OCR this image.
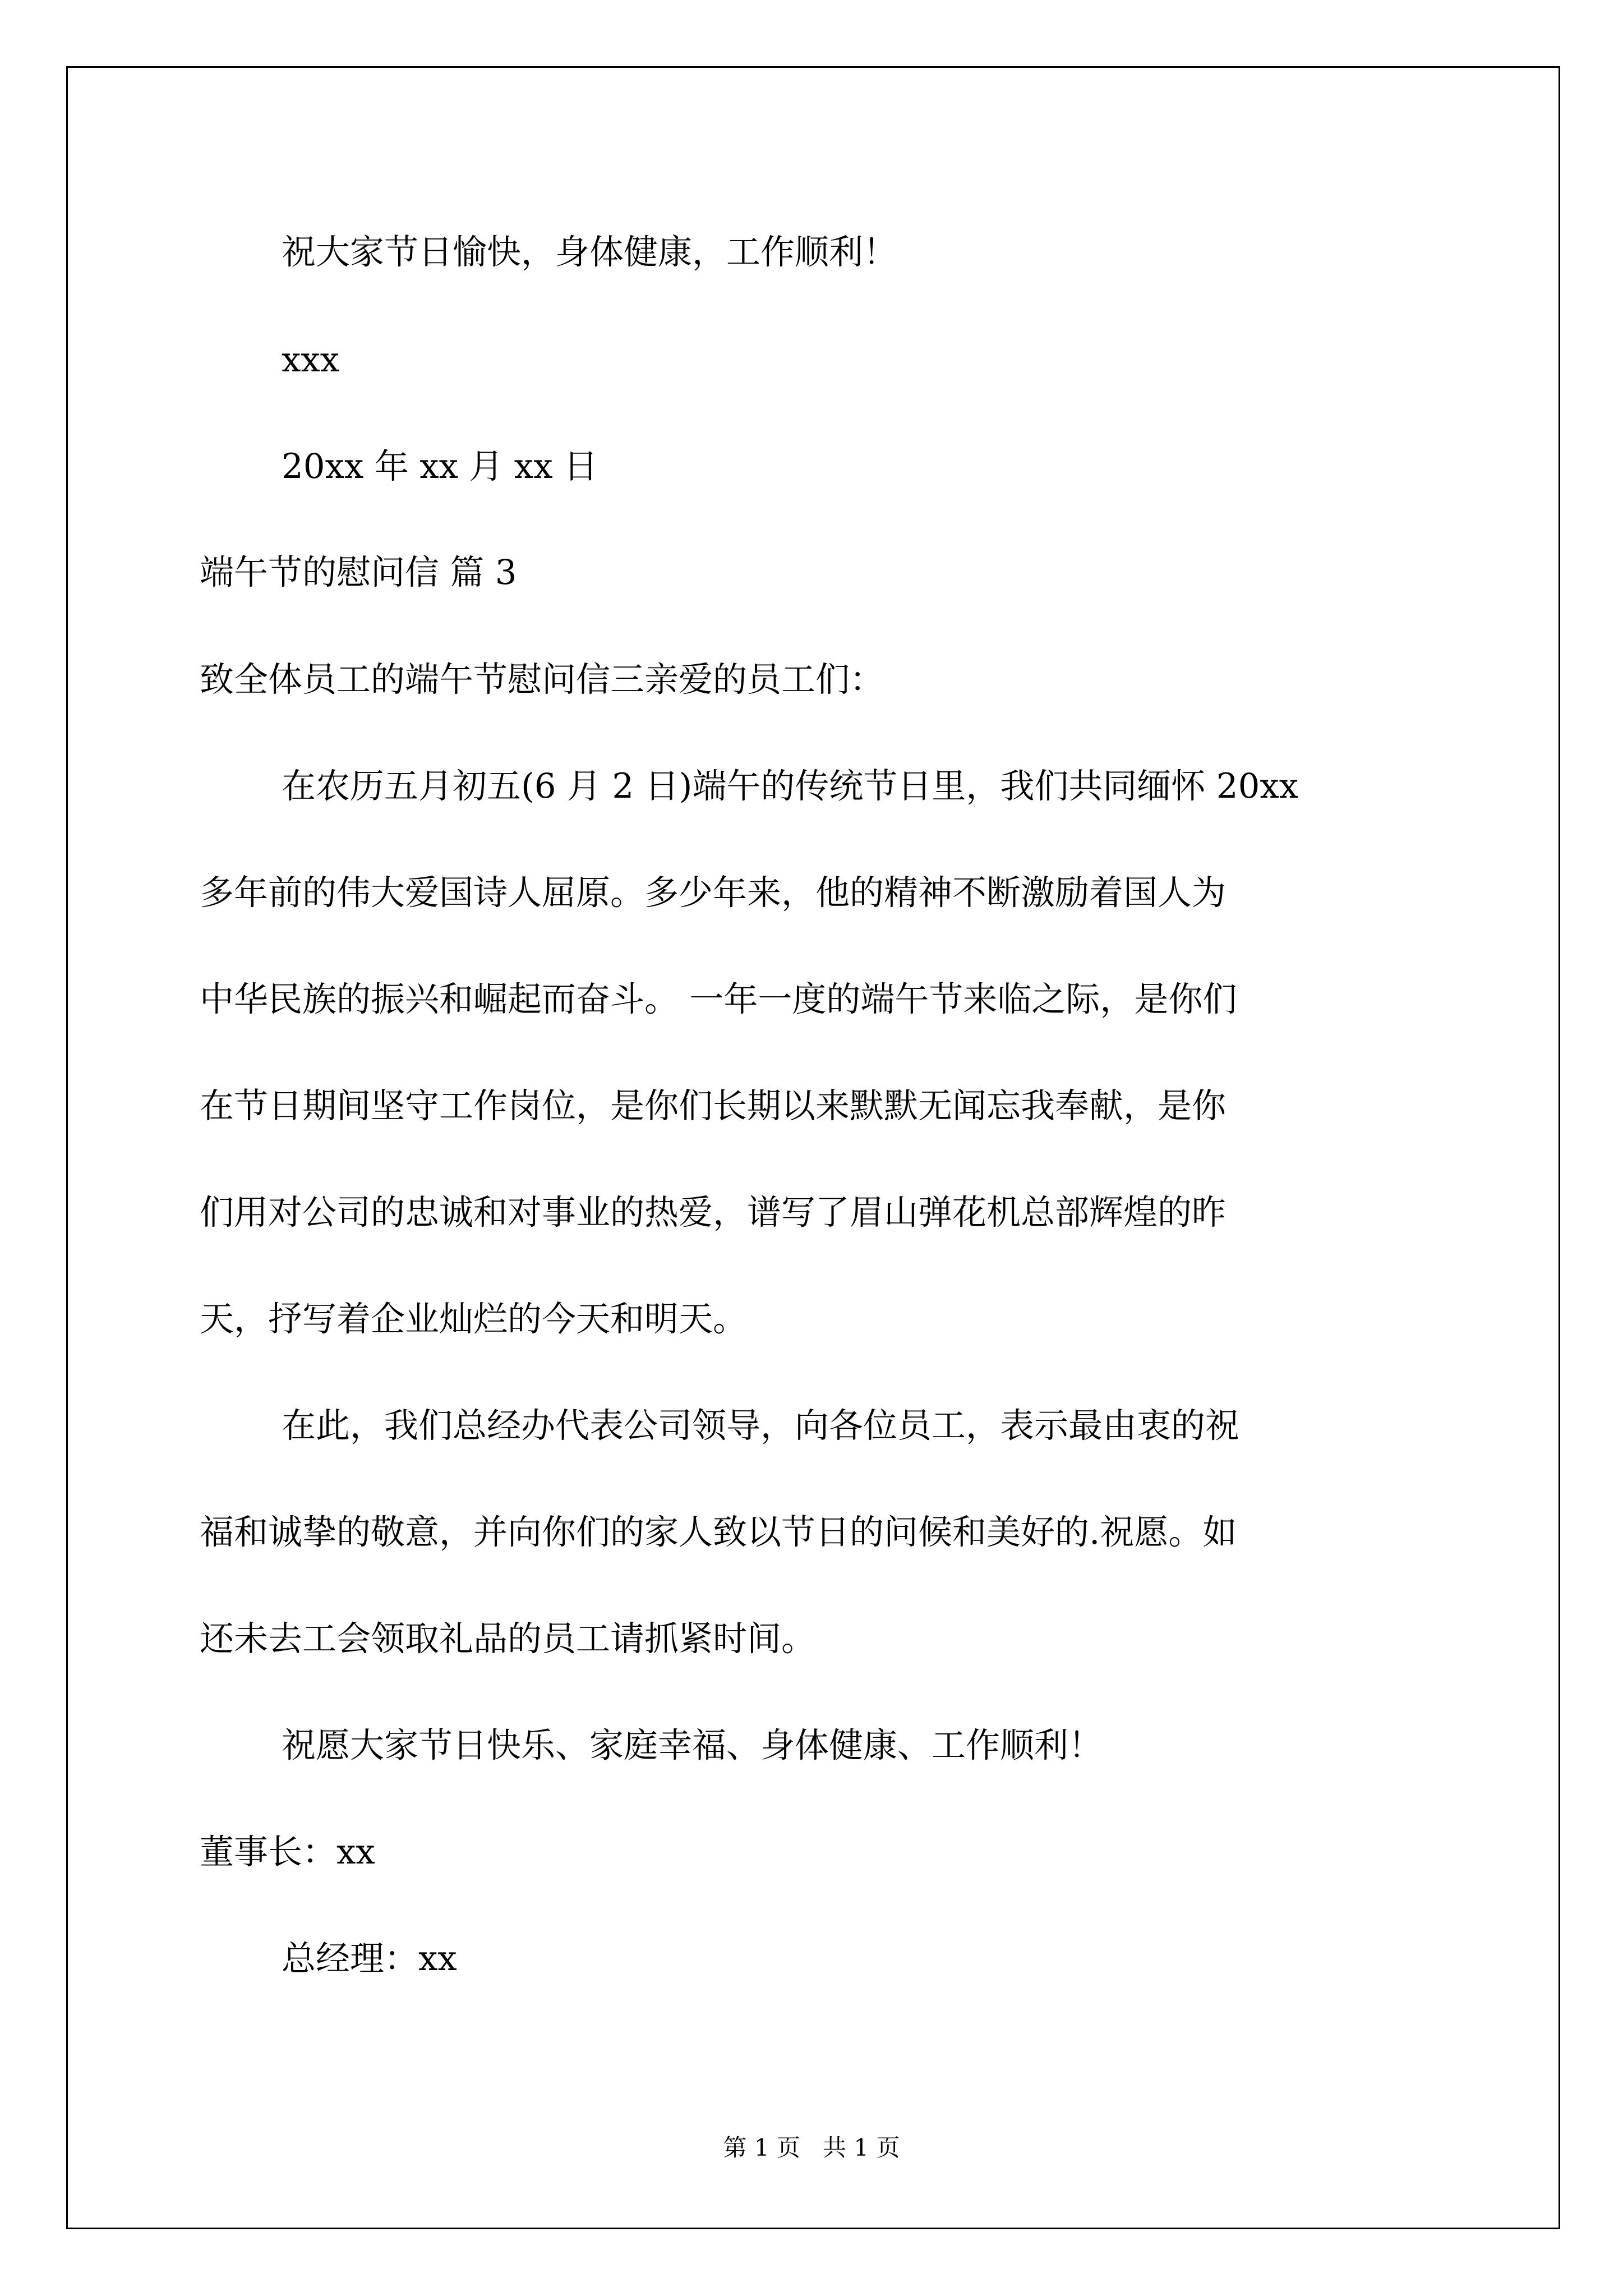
祝大家节日愉快，身体健康，工作顺利！
xxx
20xx 年 xx 月 xx 日
端午节的慰问信 篇 3
致全体员工的端午节慰问信三亲爱的员工们：
在农历五月初五(6 月 2 日)端午的传统节日里，我们共同缅怀 20xx
多年前的伟大爱国诗人屈原。多少年来，他的精神不断激励着国人为
中华民族的振兴和崛起而奋斗。 一年一度的端午节来临之际，是你们
在节日期间坚守工作岗位，是你们长期以来默默无闻忘我奉献，是你
们用对公司的忠诚和对事业的热爱，谱写了眉山弹花机总部辉煌的昨
天，抒写着企业灿烂的今天和明天。
在此，我们总经办代表公司领导，向各位员工，表示最由衷的祝
福和诚挚的敬意，并向你们的家人致以节日的问候和美好的.祝愿。如
还未去工会领取礼品的员工请抓紧时间。
祝愿大家节日快乐、家庭幸福、身体健康、工作顺利！
董事长：xx
总经理：xx
第 1 页   共 1 页
